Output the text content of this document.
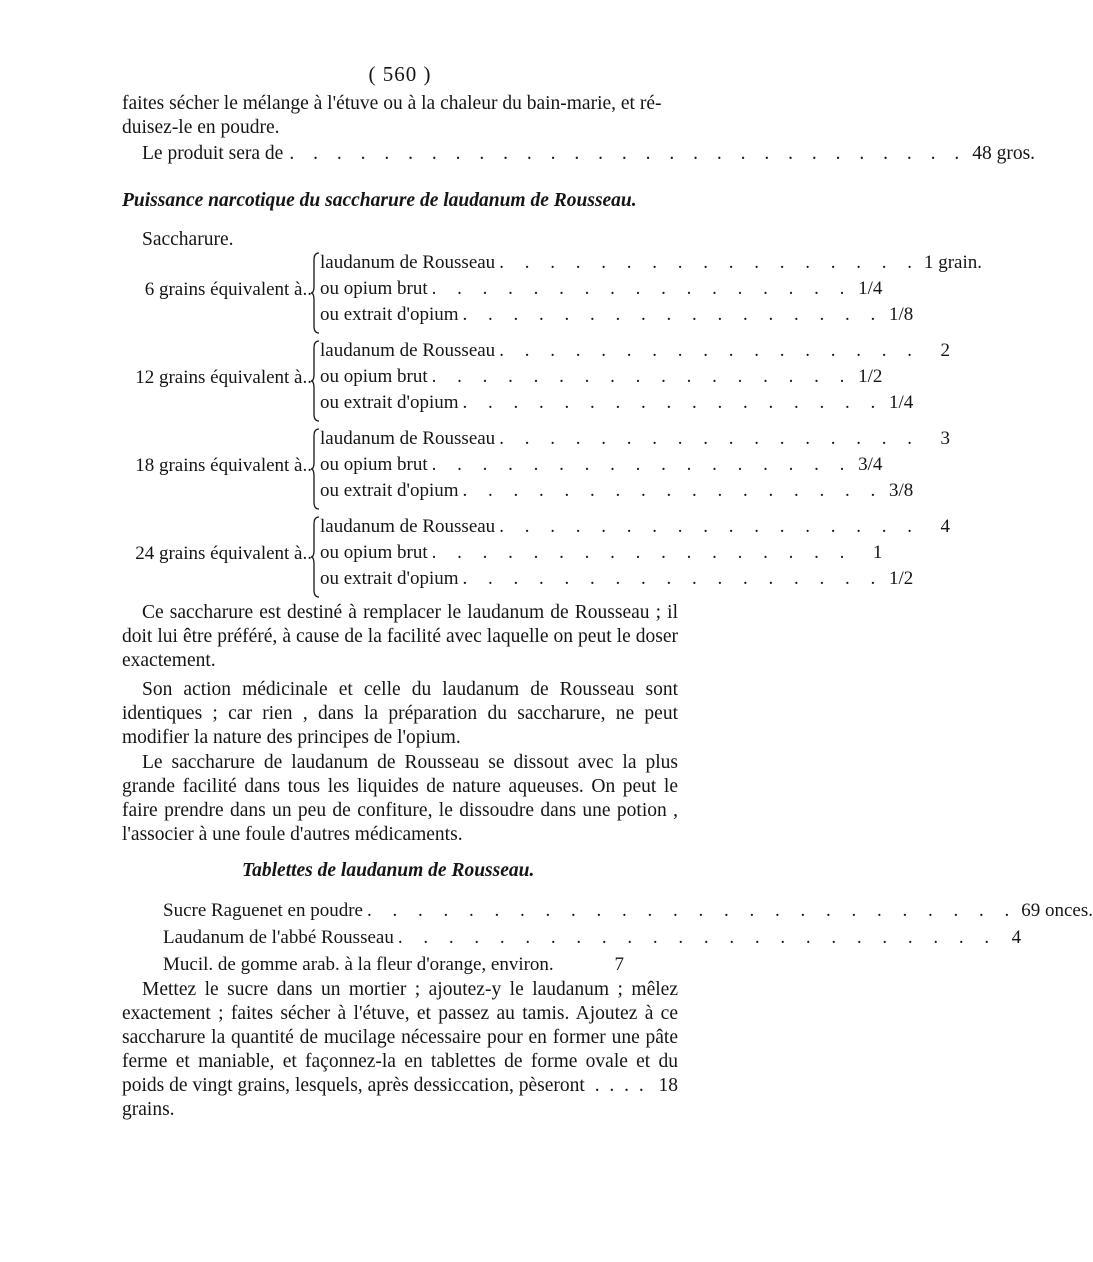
( 560 )
faites sécher le mélange à l'étuve ou à la chaleur du bain-marie, et ré-
duisez-le en poudre.
Le produit sera de . . . . . . . . . . . . . . . . . . . . . . . . . . . . . 48 gros.
Puissance narcotique du saccharure de laudanum de Rousseau.
Saccharure.
6 grains équivalent à..
laudanum de Rousseau . . . . . . . . . . . . . . . . . 1 grain.
ou opium brut . . . . . . . . . . . . . . . . . 1/4
ou extrait d'opium . . . . . . . . . . . . . . . . . 1/8
12 grains équivalent à..
laudanum de Rousseau . . . . . . . . . . . . . . . . .	2
ou opium brut . . . . . . . . . . . . . . . . . 1/2
ou extrait d'opium . . . . . . . . . . . . . . . . . 1/4
18 grains équivalent à..
laudanum de Rousseau . . . . . . . . . . . . . . . . .	3
ou opium brut . . . . . . . . . . . . . . . . . 3/4
ou extrait d'opium . . . . . . . . . . . . . . . . . 3/8
24 grains équivalent à..
laudanum de Rousseau . . . . . . . . . . . . . . . . .	4
ou opium brut . . . . . . . . . . . . . . . . .	1
ou extrait d'opium . . . . . . . . . . . . . . . . . 1/2
Ce saccharure est destiné à remplacer le laudanum de Rousseau ; il doit lui être préféré, à cause de la facilité avec laquelle on peut le doser exactement.
Son action médicinale et celle du laudanum de Rousseau sont identiques ; car rien , dans la préparation du saccharure, ne peut modifier la nature des principes de l'opium.
Le saccharure de laudanum de Rousseau se dissout avec la plus grande facilité dans tous les liquides de nature aqueuses. On peut le faire prendre dans un peu de confiture, le dissoudre dans une potion , l'associer à une foule d'autres médicaments.
Tablettes de laudanum de Rousseau.
Sucre Raguenet en poudre . . . . . . . . . . . . . . . . . . . . . . . . . . 69 onces.
Laudanum de l'abbé Rousseau . . . . . . . . . . . . . . . . . . . . . . . . 4
Mucil. de gomme arab. à la fleur d'orange, environ.	7
Mettez le sucre dans un mortier ; ajoutez-y le laudanum ; mêlez exactement ; faites sécher à l'étuve, et passez au tamis. Ajoutez à ce saccharure la quantité de mucilage nécessaire pour en former une pâte ferme et maniable, et façonnez-la en tablettes de forme ovale et du poids de vingt grains, lesquels, après dessiccation, pèseront  .  .  .  .   18 grains.
